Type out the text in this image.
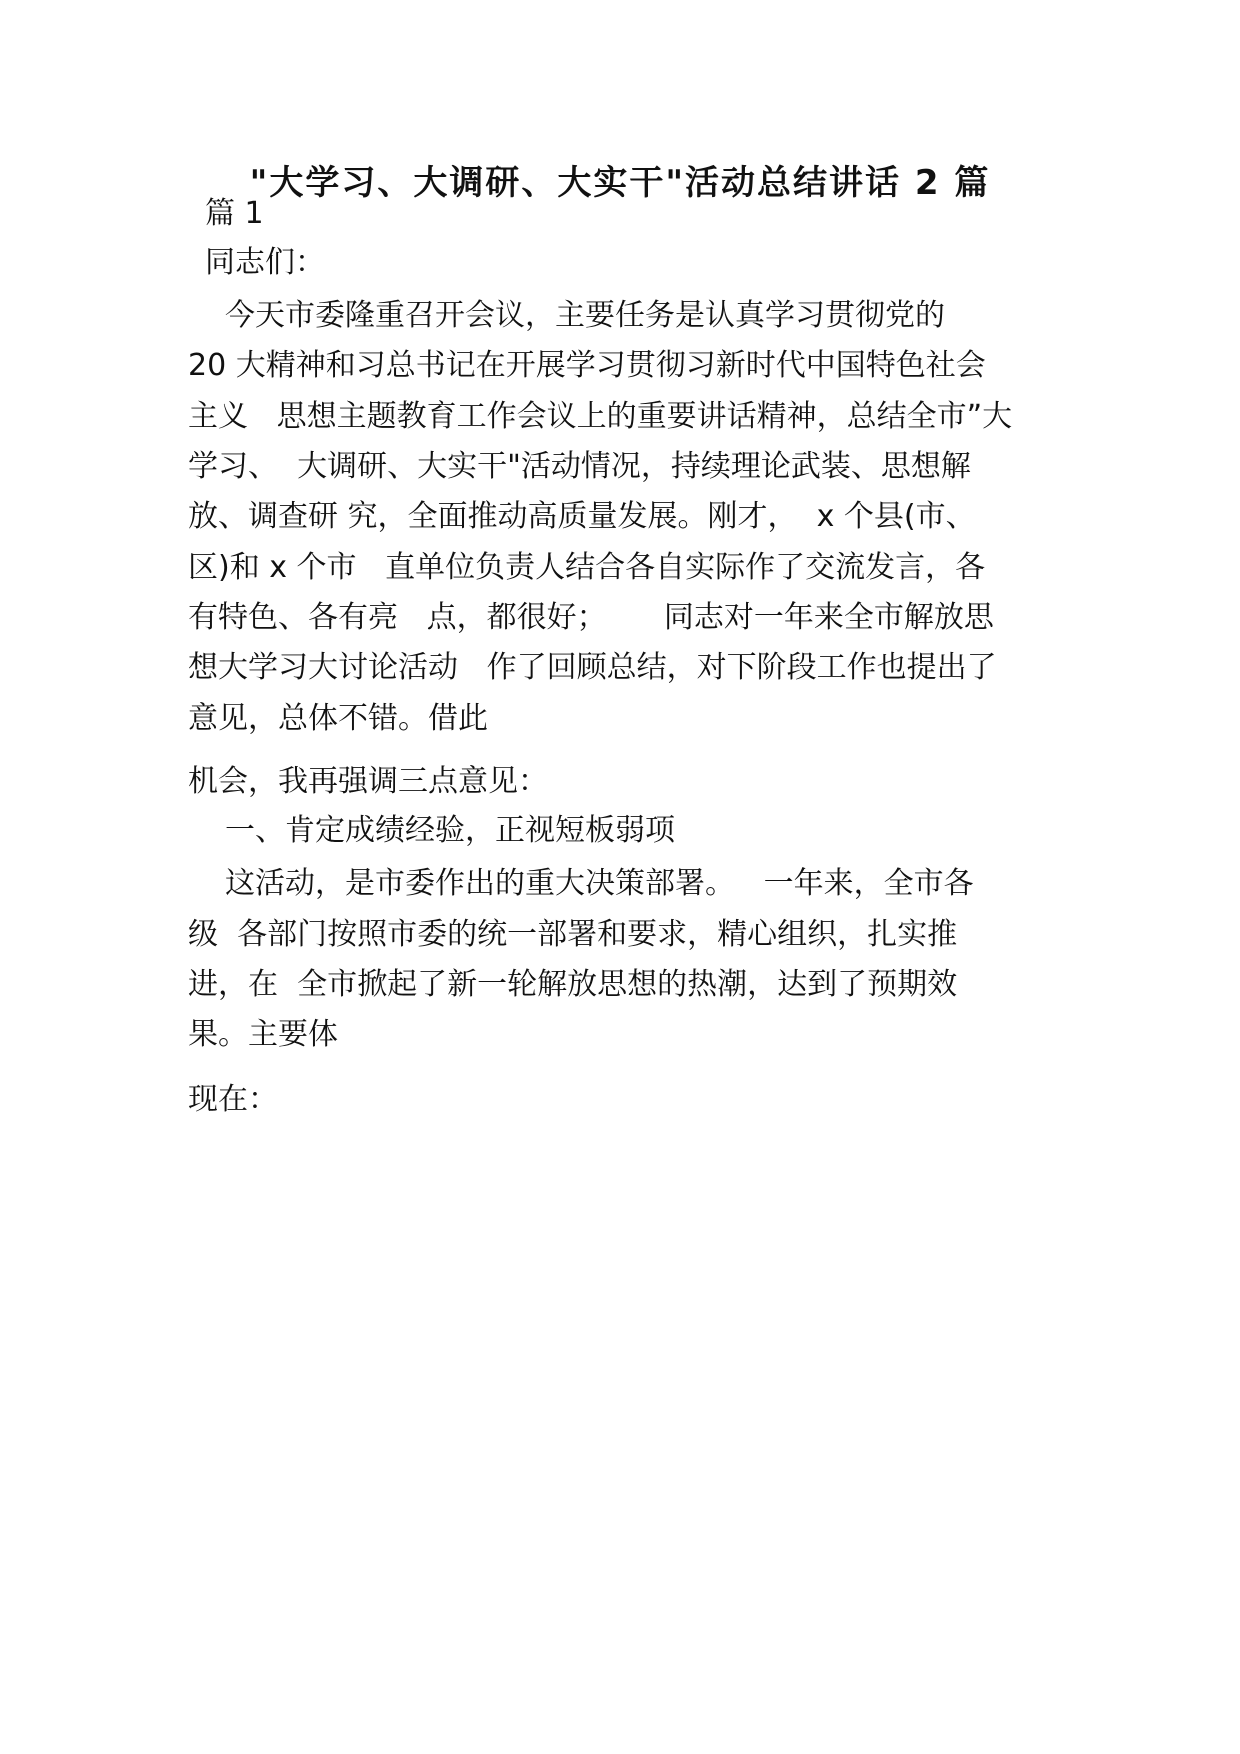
"大学习、大调研、大实干"活动总结讲话 2 篇

篇 1

同志们：

今天市委隆重召开会议，主要任务是认真学习贯彻党的

20 大精神和习总书记在开展学习贯彻习新时代中国特色社会

主义   思想主题教育工作会议上的重要讲话精神，总结全市”大

学习、  大调研、大实干"活动情况，持续理论武装、思想解

放、调查研 究，全面推动高质量发展。刚才，  x 个县(市、

区)和 x 个市   直单位负责人结合各自实际作了交流发言，各

有特色、各有亮   点，都很好；      同志对一年来全市解放思

想大学习大讨论活动   作了回顾总结，对下阶段工作也提出了

意见，总体不错。借此

机会，我再强调三点意见：

一、肯定成绩经验，正视短板弱项

这活动，是市委作出的重大决策部署。   一年来，全市各

级  各部门按照市委的统一部署和要求，精心组织，扎实推

进，在  全市掀起了新一轮解放思想的热潮，达到了预期效

果。主要体

现在：
